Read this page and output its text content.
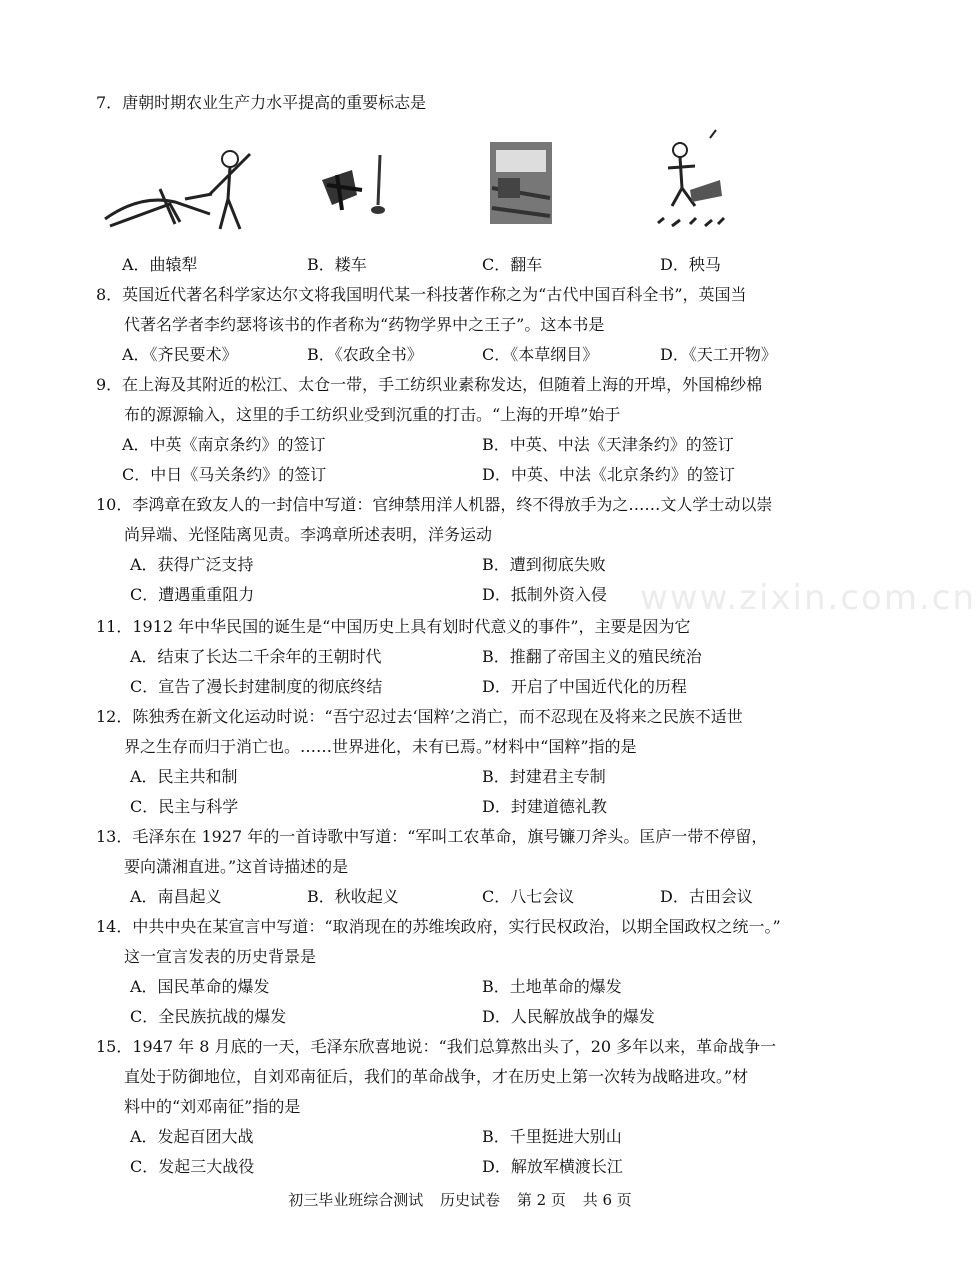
7．唐朝时期农业生产力水平提高的重要标志是
A．曲辕犁	B．耧车	C．翻车	D．秧马
8．英国近代著名科学家达尔文将我国明代某一科技著作称之为“古代中国百科全书”，英国当
代著名学者李约瑟将该书的作者称为“药物学界中之王子”。这本书是
A．《齐民要术》	B．《农政全书》	C．《本草纲目》	D．《天工开物》
9．在上海及其附近的松江、太仓一带，手工纺织业素称发达，但随着上海的开埠，外国棉纱棉
布的源源输入，这里的手工纺织业受到沉重的打击。“上海的开埠”始于
A．中英《南京条约》的签订	B．中英、中法《天津条约》的签订
C．中日《马关条约》的签订	D．中英、中法《北京条约》的签订
10．李鸿章在致友人的一封信中写道：官绅禁用洋人机器，终不得放手为之……文人学士动以崇
尚异端、光怪陆离见责。李鸿章所述表明，洋务运动
A．获得广泛支持	B．遭到彻底失败
C．遭遇重重阻力	D．抵制外资入侵 www.zixin.com.cn
11．1912 年中华民国的诞生是“中国历史上具有划时代意义的事件”，主要是因为它
A．结束了长达二千余年的王朝时代	B．推翻了帝国主义的殖民统治
C．宣告了漫长封建制度的彻底终结	D．开启了中国近代化的历程
12．陈独秀在新文化运动时说：“吾宁忍过去‘国粹’之消亡，而不忍现在及将来之民族不适世
界之生存而归于消亡也。……世界进化，未有已焉。”材料中“国粹”指的是
A．民主共和制	B．封建君主专制
C．民主与科学	D．封建道德礼教
13．毛泽东在 1927 年的一首诗歌中写道：“军叫工农革命，旗号镰刀斧头。匡庐一带不停留，
要向潇湘直进。”这首诗描述的是
A．南昌起义	B．秋收起义	C．八七会议	D．古田会议
14．中共中央在某宣言中写道：“取消现在的苏维埃政府，实行民权政治，以期全国政权之统一。”
这一宣言发表的历史背景是
A．国民革命的爆发	B．土地革命的爆发
C．全民族抗战的爆发	D．人民解放战争的爆发
15．1947 年 8 月底的一天，毛泽东欣喜地说：“我们总算熬出头了，20 多年以来，革命战争一
直处于防御地位，自刘邓南征后，我们的革命战争，才在历史上第一次转为战略进攻。”材
料中的“刘邓南征”指的是
A．发起百团大战	B．千里挺进大别山
C．发起三大战役	D．解放军横渡长江
初三毕业班综合测试 历史试卷 第 2 页 共 6 页
